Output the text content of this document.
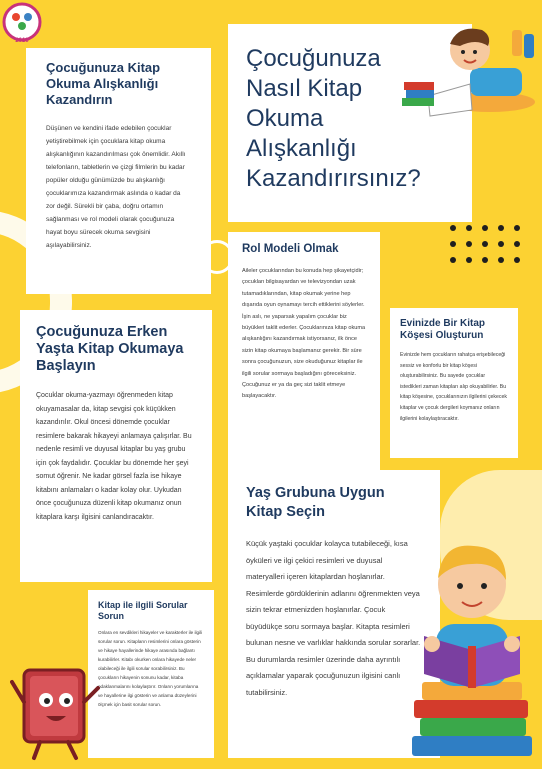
2019
Çocuğunuza Kitap Okuma Alışkanlığı Kazandırın

Düşünen ve kendini ifade edebilen çocuklar yetiştirebilmek için çocuklara kitap okuma alışkanlığının kazandırılması çok önemlidir. Akıllı telefonların, tabletlerin ve çizgi filmlerin bu kadar popüler olduğu günümüzde bu alışkanlığı çocuklarımıza kazandırmak aslında o kadar da zor değil. Sürekli bir çaba, doğru ortamın sağlanması ve rol modeli olarak çocuğunuza hayat boyu sürecek okuma sevgisini aşılayabilirsiniz.

Çocuğunuza Nasıl Kitap Okuma Alışkanlığı Kazandırırsınız?
Rol Modeli Olmak

Aileler çocuklarından bu konuda hep şikayetçidir; çocukları bilgisayardan ve televizyondan uzak tutamadıklarından, kitap okumak yerine hep dışarıda oyun oynamayı tercih ettiklerini söylerler. İşin aslı, ne yaparsak yapalım çocuklar biz büyükleri taklit ederler. Çocuklarınıza kitap okuma alışkanlığını kazandırmak istiyorsanız, ilk önce sizin kitap okumaya başlamanız gerekir. Bir süre sonra çocuğunuzun, size okuduğunuz kitaplar ile ilgili sorular sormaya başladığını göreceksiniz. Çocuğunuz er ya da geç sizi taklit etmeye başlayacaktır.

Evinizde Bir Kitap Köşesi Oluşturun

Evinizde hem çocukların rahatça erişebileceği sessiz ve konforlu bir kitap köşesi oluşturabilirsiniz. Bu sayede çocuklar istedikleri zaman kitapları alıp okuyabilirler. Bu kitap köşesine, çocuklarınızın ilgilerini çekecek kitaplar ve çocuk dergileri koymanız onların ilgilerini kolaylaştıracaktır.

Çocuğunuza Erken Yaşta Kitap Okumaya Başlayın

Çocuklar okuma-yazmayı öğrenmeden kitap okuyamasalar da, kitap sevgisi çok küçükken kazandırılır. Okul öncesi dönemde çocuklar resimlere bakarak hikayeyi anlamaya çalışırlar. Bu nedenle resimli ve duyusal kitaplar bu yaş grubu için çok faydalıdır. Çocuklar bu dönemde her şeyi somut öğrenir. Ne kadar görsel fazla ise hikaye kitabını anlamaları o kadar kolay olur. Uykudan önce çocuğunuza düzenli kitap okumanız onun kitaplara karşı ilgisini canlandıracaktır.

Yaş Grubuna Uygun Kitap Seçin

Küçük yaştaki çocuklar kolayca tutabileceği, kısa öyküleri ve ilgi çekici resimleri ve duyusal materyalleri içeren kitaplardan hoşlanırlar. Resimlerde gördüklerinin adlarını öğrenmekten veya sizin tekrar etmenizden hoşlanırlar. Çocuk büyüdükçe soru sormaya başlar. Kitapta resimleri bulunan nesne ve varlıklar hakkında sorular sorarlar. Bu durumlarda resimler üzerinde daha ayrıntılı açıklamalar yaparak çocuğunuzun ilgisini canlı tutabilirsiniz.

Kitap ile ilgili Sorular Sorun

Onlara en sevdikleri hikayeler ve karakterler ile ilgili sorular sorun. Kitapların resimlerini onlara gösterin ve hikaye hayallerinde hikaye arasında bağlantı kurabilirler. Kitabı okurken onlara hikayede neler olabileceği ile ilgili sorular sorabilirsiniz. Bu çocukların hikayenin sonunu kadar, kitaba odaklanmalarını kolaylaştırır. Onların yorumlarına ve hayallerine ilgi gösterin ve anlama düzeylerini ölçmek için basit sorular sorun.
